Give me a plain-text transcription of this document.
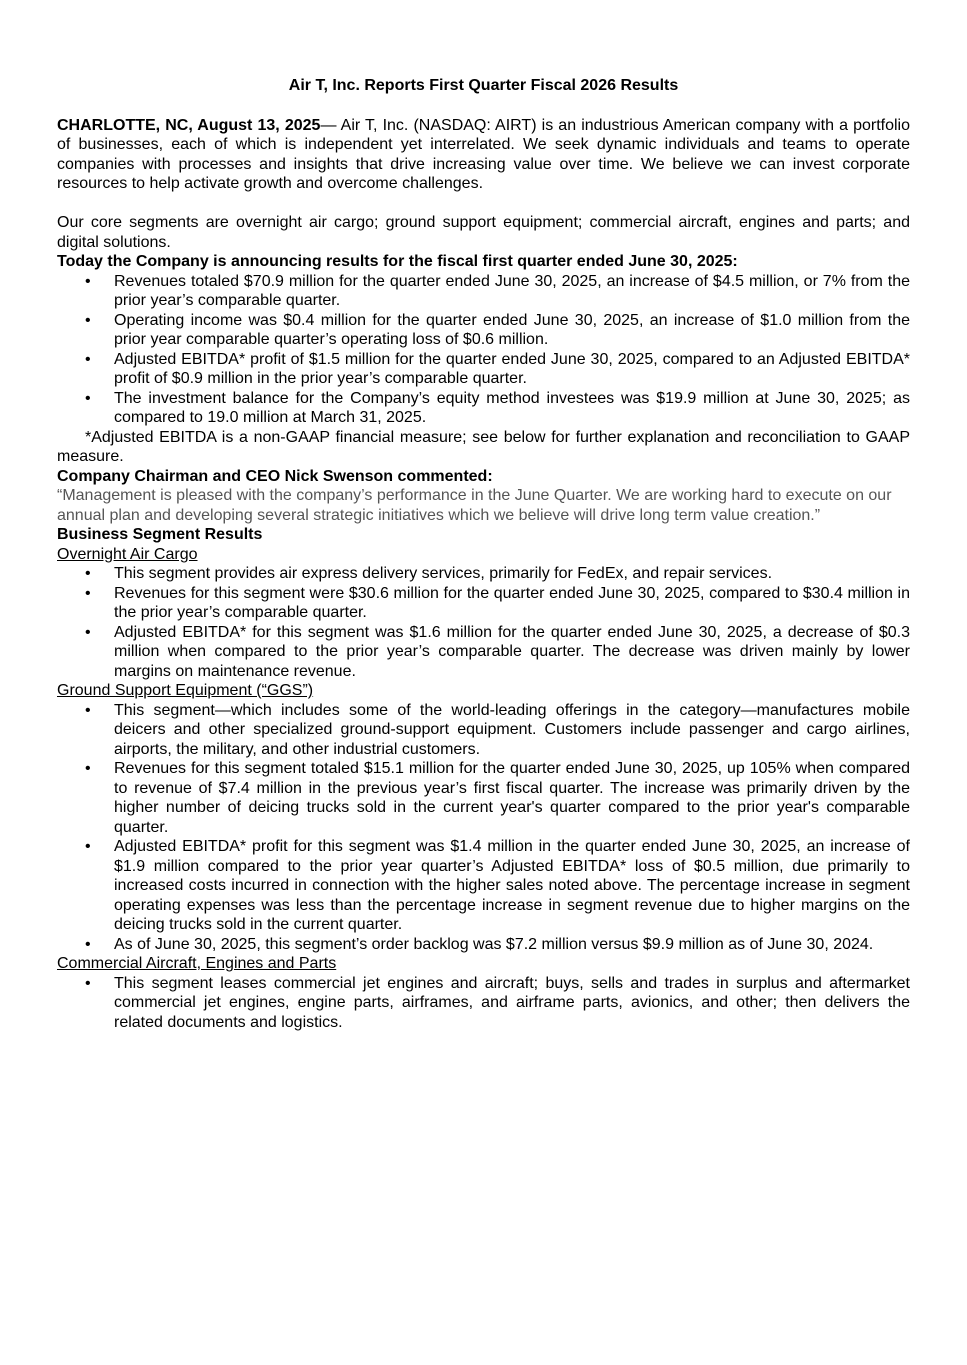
Air T, Inc. Reports First Quarter Fiscal 2026 Results

CHARLOTTE, NC, August 13, 2025— Air T, Inc. (NASDAQ: AIRT) is an industrious American company with a portfolio of businesses, each of which is independent yet interrelated. We seek dynamic individuals and teams to operate companies with processes and insights that drive increasing value over time. We believe we can invest corporate resources to help activate growth and overcome challenges.

Our core segments are overnight air cargo; ground support equipment; commercial aircraft, engines and parts; and digital solutions.

Today the Company is announcing results for the fiscal first quarter ended June 30, 2025:

• Revenues totaled $70.9 million for the quarter ended June 30, 2025, an increase of $4.5 million, or 7% from the prior year’s comparable quarter.
• Operating income was $0.4 million for the quarter ended June 30, 2025, an increase of $1.0 million from the prior year comparable quarter’s operating loss of $0.6 million.
• Adjusted EBITDA* profit of $1.5 million for the quarter ended June 30, 2025, compared to an Adjusted EBITDA* profit of $0.9 million in the prior year’s comparable quarter.
• The investment balance for the Company’s equity method investees was $19.9 million at June 30, 2025; as compared to 19.0 million at March 31, 2025.

*Adjusted EBITDA is a non-GAAP financial measure; see below for further explanation and reconciliation to GAAP measure.

Company Chairman and CEO Nick Swenson commented:

“Management is pleased with the company’s performance in the June Quarter. We are working hard to execute on our annual plan and developing several strategic initiatives which we believe will drive long term value creation.”

Business Segment Results

Overnight Air Cargo

• This segment provides air express delivery services, primarily for FedEx, and repair services.
• Revenues for this segment were $30.6 million for the quarter ended June 30, 2025, compared to $30.4 million in the prior year’s comparable quarter.
• Adjusted EBITDA* for this segment was $1.6 million for the quarter ended June 30, 2025, a decrease of $0.3 million when compared to the prior year’s comparable quarter. The decrease was driven mainly by lower margins on maintenance revenue.

Ground Support Equipment (“GGS”)

• This segment—which includes some of the world-leading offerings in the category—manufactures mobile deicers and other specialized ground-support equipment. Customers include passenger and cargo airlines, airports, the military, and other industrial customers.
• Revenues for this segment totaled $15.1 million for the quarter ended June 30, 2025, up 105% when compared to revenue of $7.4 million in the previous year’s first fiscal quarter. The increase was primarily driven by the higher number of deicing trucks sold in the current year's quarter compared to the prior year's comparable quarter.
• Adjusted EBITDA* profit for this segment was $1.4 million in the quarter ended June 30, 2025, an increase of $1.9 million compared to the prior year quarter’s Adjusted EBITDA* loss of $0.5 million, due primarily to increased costs incurred in connection with the higher sales noted above. The percentage increase in segment operating expenses was less than the percentage increase in segment revenue due to higher margins on the deicing trucks sold in the current quarter.
• As of June 30, 2025, this segment’s order backlog was $7.2 million versus $9.9 million as of June 30, 2024.

Commercial Aircraft, Engines and Parts

• This segment leases commercial jet engines and aircraft; buys, sells and trades in surplus and aftermarket commercial jet engines, engine parts, airframes, and airframe parts, avionics, and other; then delivers the related documents and logistics.
